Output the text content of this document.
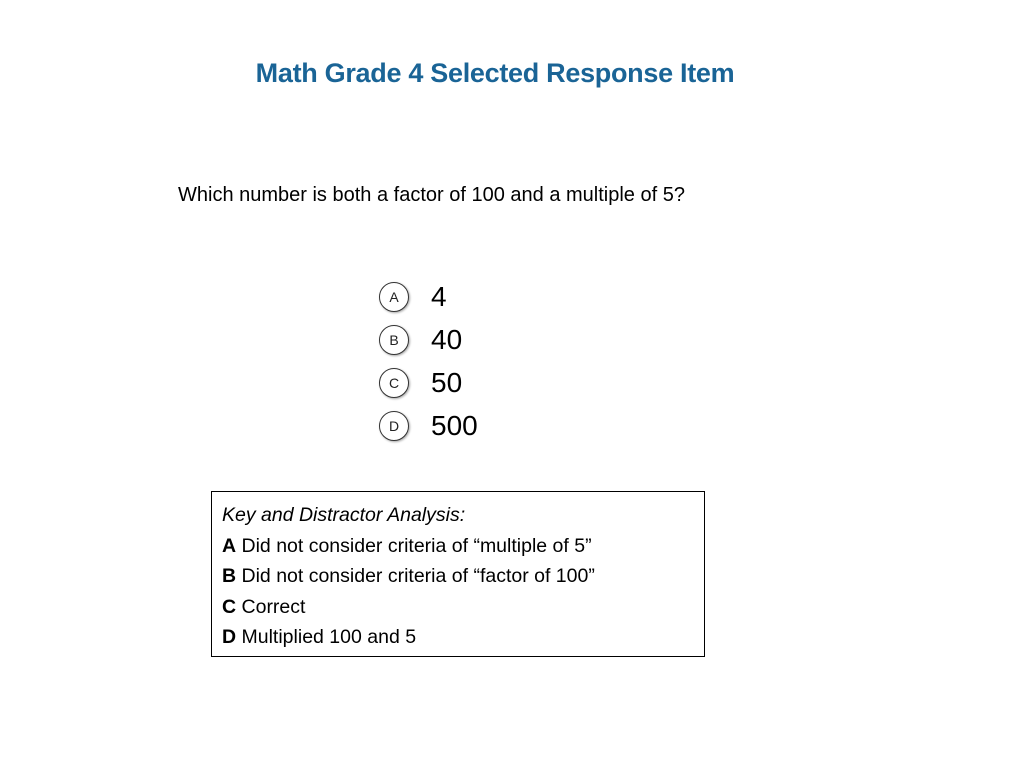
Math Grade 4 Selected Response Item
Which number is both a factor of 100 and a multiple of 5?
A	4
B	40
C	50
D	500
Key and Distractor Analysis:
A Did not consider criteria of “multiple of 5”
B Did not consider criteria of “factor of 100”
C Correct
D Multiplied 100 and 5
